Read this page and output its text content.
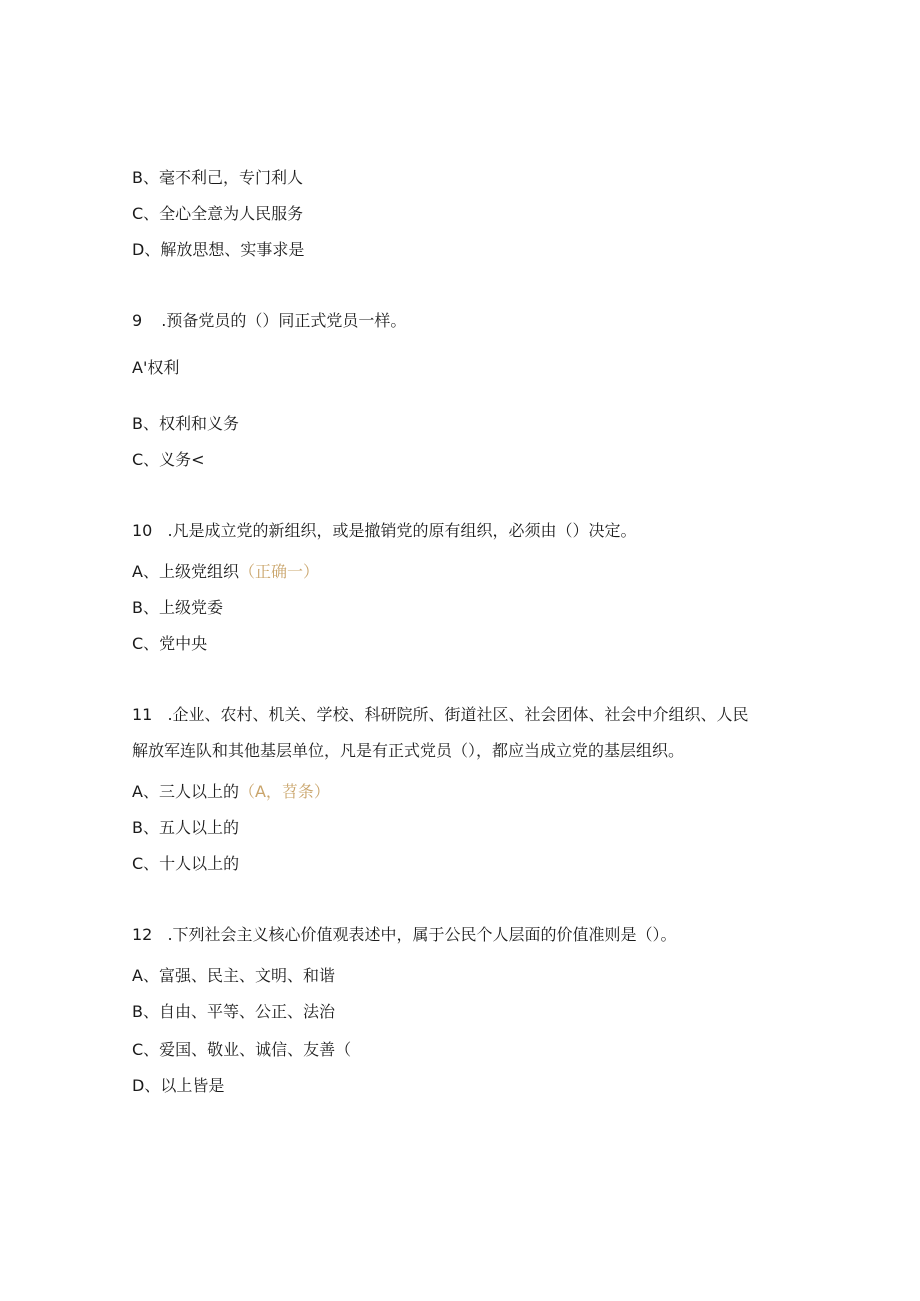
B、毫不利己，专门利人
C、全心全意为人民服务
D、解放思想、实事求是
9 .预备党员的（）同正式党员一样。
A'权利
B、权利和义务
C、义务<
10 .凡是成立党的新组织，或是撤销党的原有组织，必须由（）决定。
A、上级党组织（正确一）
B、上级党委
C、党中央
11 .企业、农村、机关、学校、科研院所、街道社区、社会团体、社会中介组织、人民
解放军连队和其他基层单位，凡是有正式党员（），都应当成立党的基层组织。
A、三人以上的（A，苕条）
B、五人以上的
C、十人以上的
12 .下列社会主义核心价值观表述中，属于公民个人层面的价值准则是（）。
A、富强、民主、文明、和谐
B、自由、平等、公正、法治
C、爱国、敬业、诚信、友善（
D、以上皆是
